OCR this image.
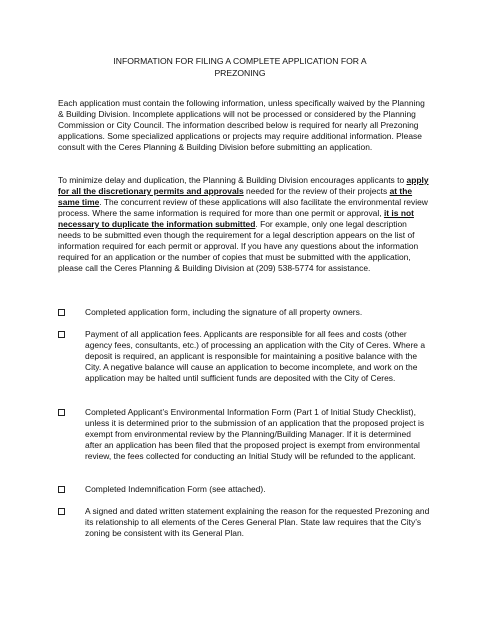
INFORMATION FOR FILING A COMPLETE APPLICATION FOR A
PREZONING

Each application must contain the following information, unless specifically waived by the Planning & Building Division. Incomplete applications will not be processed or considered by the Planning Commission or City Council. The information described below is required for nearly all Prezoning applications. Some specialized applications or projects may require additional information. Please consult with the Ceres Planning & Building Division before submitting an application.

To minimize delay and duplication, the Planning & Building Division encourages applicants to apply for all the discretionary permits and approvals needed for the review of their projects at the same time. The concurrent review of these applications will also facilitate the environmental review process. Where the same information is required for more than one permit or approval, it is not necessary to duplicate the information submitted. For example, only one legal description needs to be submitted even though the requirement for a legal description appears on the list of information required for each permit or approval. If you have any questions about the information required for an application or the number of copies that must be submitted with the application, please call the Ceres Planning & Building Division at (209) 538-5774 for assistance.

Completed application form, including the signature of all property owners.

Payment of all application fees. Applicants are responsible for all fees and costs (other agency fees, consultants, etc.) of processing an application with the City of Ceres. Where a deposit is required, an applicant is responsible for maintaining a positive balance with the City. A negative balance will cause an application to become incomplete, and work on the application may be halted until sufficient funds are deposited with the City of Ceres.

Completed Applicant’s Environmental Information Form (Part 1 of Initial Study Checklist), unless it is determined prior to the submission of an application that the proposed project is exempt from environmental review by the Planning/Building Manager. If it is determined after an application has been filed that the proposed project is exempt from environmental review, the fees collected for conducting an Initial Study will be refunded to the applicant.

Completed Indemnification Form (see attached).

A signed and dated written statement explaining the reason for the requested Prezoning and its relationship to all elements of the Ceres General Plan. State law requires that the City’s zoning be consistent with its General Plan.
